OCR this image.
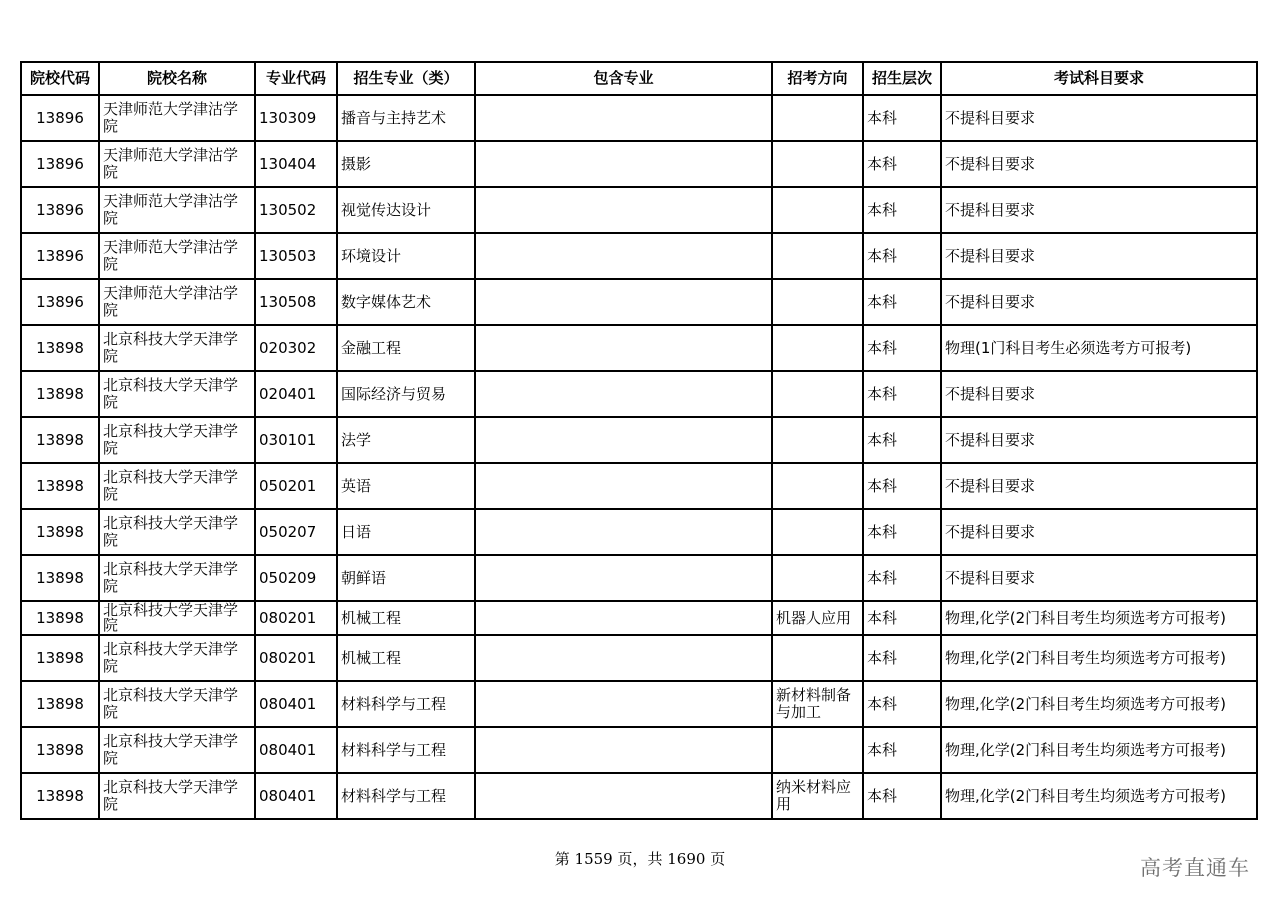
院校代码	院校名称	专业代码	招生专业（类）	包含专业	招考方向	招生层次	考试科目要求
13896	天津师范大学津沽学院	130309	播音与主持艺术			本科	不提科目要求
13896	天津师范大学津沽学院	130404	摄影			本科	不提科目要求
13896	天津师范大学津沽学院	130502	视觉传达设计			本科	不提科目要求
13896	天津师范大学津沽学院	130503	环境设计			本科	不提科目要求
13896	天津师范大学津沽学院	130508	数字媒体艺术			本科	不提科目要求
13898	北京科技大学天津学院	020302	金融工程			本科	物理(1门科目考生必须选考方可报考)
13898	北京科技大学天津学院	020401	国际经济与贸易			本科	不提科目要求
13898	北京科技大学天津学院	030101	法学			本科	不提科目要求
13898	北京科技大学天津学院	050201	英语			本科	不提科目要求
13898	北京科技大学天津学院	050207	日语			本科	不提科目要求
13898	北京科技大学天津学院	050209	朝鲜语			本科	不提科目要求
13898	北京科技大学天津学院	080201	机械工程		机器人应用	本科	物理,化学(2门科目考生均须选考方可报考)
13898	北京科技大学天津学院	080201	机械工程			本科	物理,化学(2门科目考生均须选考方可报考)
13898	北京科技大学天津学院	080401	材料科学与工程		新材料制备与加工	本科	物理,化学(2门科目考生均须选考方可报考)
13898	北京科技大学天津学院	080401	材料科学与工程			本科	物理,化学(2门科目考生均须选考方可报考)
13898	北京科技大学天津学院	080401	材料科学与工程		纳米材料应用	本科	物理,化学(2门科目考生均须选考方可报考)
第 1559 页，共 1690 页	高考直通车
